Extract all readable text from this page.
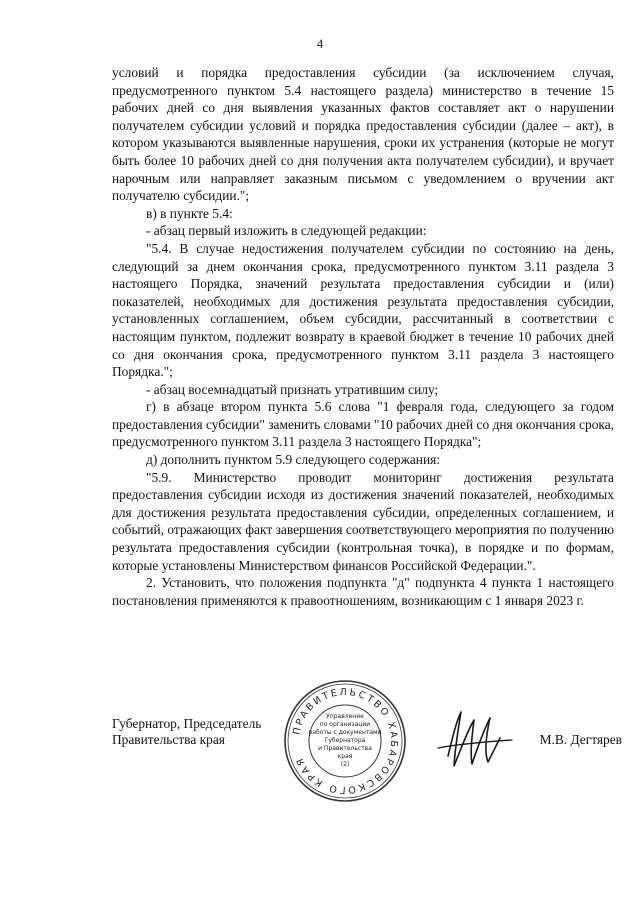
4

условий и порядка предоставления субсидии (за исключением случая, предусмотренного пунктом 5.4 настоящего раздела) министерство в течение 15 рабочих дней со дня выявления указанных фактов составляет акт о нарушении получателем субсидии условий и порядка предоставления субсидии (далее – акт), в котором указываются выявленные нарушения, сроки их устранения (которые не могут быть более 10 рабочих дней со дня получения акта получателем субсидии), и вручает нарочным или направляет заказным письмом с уведомлением о вручении акт получателю субсидии.";

в) в пункте 5.4:

- абзац первый изложить в следующей редакции:

"5.4. В случае недостижения получателем субсидии по состоянию на день, следующий за днем окончания срока, предусмотренного пунктом 3.11 раздела 3 настоящего Порядка, значений результата предоставления субсидии и (или) показателей, необходимых для достижения результата предоставления субсидии, установленных соглашением, объем субсидии, рассчитанный в соответствии с настоящим пунктом, подлежит возврату в краевой бюджет в течение 10 рабочих дней со дня окончания срока, предусмотренного пунктом 3.11 раздела 3 настоящего Порядка.";

- абзац восемнадцатый признать утратившим силу;

г) в абзаце втором пункта 5.6 слова "1 февраля года, следующего за годом предоставления субсидии" заменить словами "10 рабочих дней со дня окончания срока, предусмотренного пунктом 3.11 раздела 3 настоящего Порядка";

д) дополнить пунктом 5.9 следующего содержания:

"5.9. Министерство проводит мониторинг достижения результата предоставления субсидии исходя из достижения значений показателей, необходимых для достижения результата предоставления субсидии, определенных соглашением, и событий, отражающих факт завершения соответствующего мероприятия по получению результата предоставления субсидии (контрольная точка), в порядке и по формам, которые установлены Министерством финансов Российской Федерации.".

2. Установить, что положения подпункта "д" подпункта 4 пункта 1 настоящего постановления применяются к правоотношениям, возникающим с 1 января 2023 г.

Губернатор, Председатель
Правительства края	М.В. Дегтярев
ПРАВИТЕЛЬСТВО ХАБАРОВСКОГО КРАЯ
Управление
по организации
работы с документами
Губернатора
и Правительства
края
(2)
